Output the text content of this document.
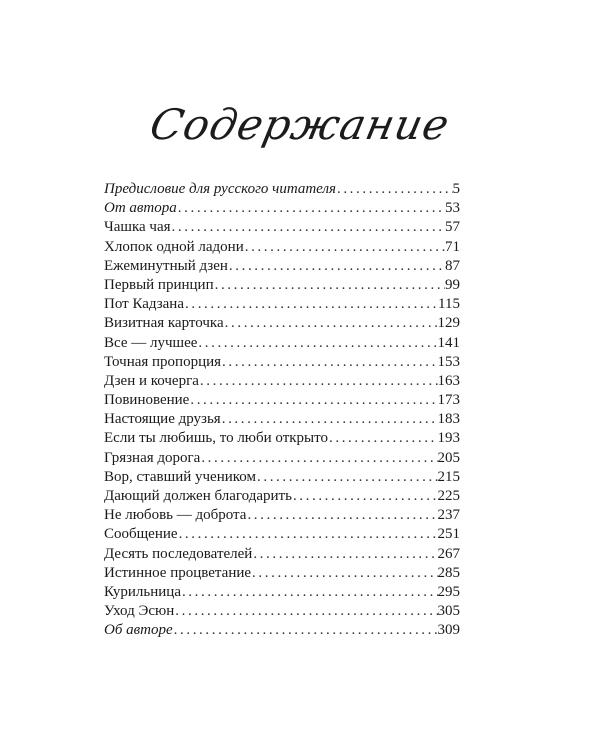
Содержание
Предисловие для русского читателя .....	5
От автора .....	53
Чашка чая .....	57
Хлопок одной ладони .....	71
Ежеминутный дзен .....	87
Первый принцип .....	99
Пот Кадзана .....	115
Визитная карточка .....	129
Все — лучшее .....	141
Точная пропорция .....	153
Дзен и кочерга .....	163
Повиновение .....	173
Настоящие друзья .....	183
Если ты любишь, то люби открыто .....	193
Грязная дорога .....	205
Вор, ставший учеником .....	215
Дающий должен благодарить .....	225
Не любовь — доброта .....	237
Сообщение .....	251
Десять последователей .....	267
Истинное процветание .....	285
Курильница .....	295
Уход Эсюн .....	305
Об авторе .....	309
